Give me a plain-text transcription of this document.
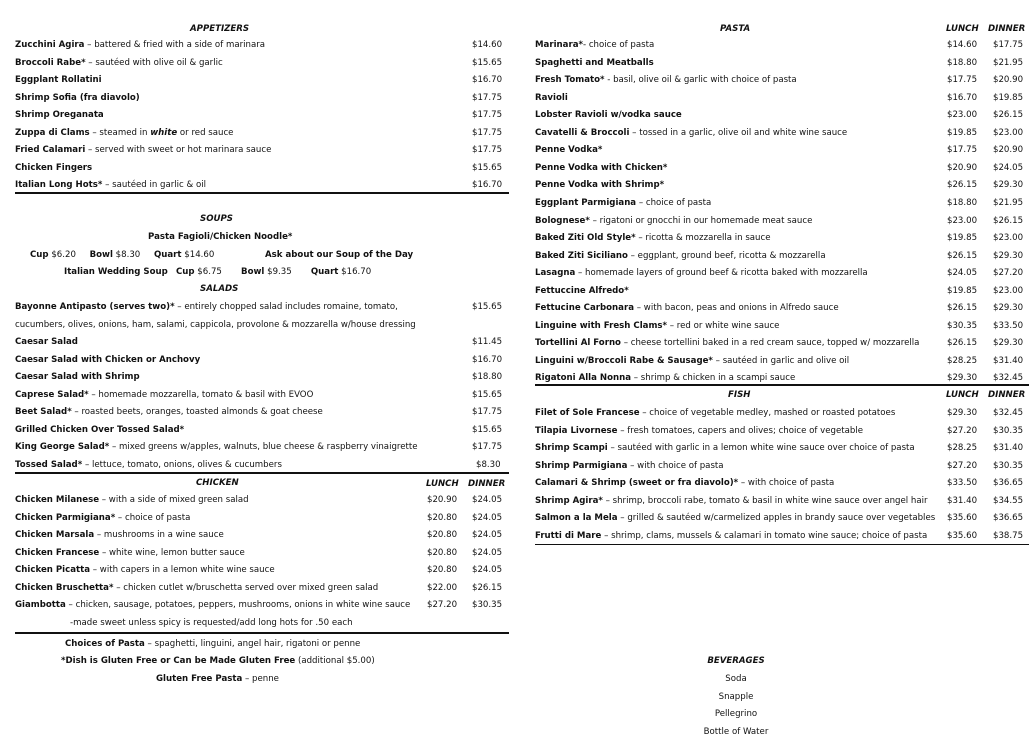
APPETIZERS
Zucchini Agira – battered & fried with a side of marinara	$14.60
Broccoli Rabe* – sautéed with olive oil & garlic	$15.65
Eggplant Rollatini	$16.70
Shrimp Sofia (fra diavolo)	$17.75
Shrimp Oreganata	$17.75
Zuppa di Clams – steamed in white or red sauce	$17.75
Fried Calamari – served with sweet or hot marinara sauce	$17.75
Chicken Fingers	$15.65
Italian Long Hots* – sautéed in garlic & oil	$16.70
SOUPS
Pasta Fagioli/Chicken Noodle*
Cup $6.20 Bowl $8.30 Quart $14.60	Ask about our Soup of the Day
Italian Wedding Soup Cup $6.75 Bowl $9.35 Quart $16.70
SALADS
Bayonne Antipasto (serves two)* – entirely chopped salad includes romaine, tomato,	$15.65
cucumbers, olives, onions, ham, salami, cappicola, provolone & mozzarella w/house dressing
Caesar Salad	$11.45
Caesar Salad with Chicken or Anchovy	$16.70
Caesar Salad with Shrimp	$18.80
Caprese Salad* – homemade mozzarella, tomato & basil with EVOO	$15.65
Beet Salad* – roasted beets, oranges, toasted almonds & goat cheese	$17.75
Grilled Chicken Over Tossed Salad*	$15.65
King George Salad* – mixed greens w/apples, walnuts, blue cheese & raspberry vinaigrette	$17.75
Tossed Salad* – lettuce, tomato, onions, olives & cucumbers	$8.30
CHICKEN	LUNCH DINNER
Chicken Milanese – with a side of mixed green salad	$20.90 $24.05
Chicken Parmigiana* – choice of pasta	$20.80 $24.05
Chicken Marsala – mushrooms in a wine sauce	$20.80 $24.05
Chicken Francese – white wine, lemon butter sauce	$20.80 $24.05
Chicken Picatta – with capers in a lemon white wine sauce	$20.80 $24.05
Chicken Bruschetta* – chicken cutlet w/bruschetta served over mixed green salad	$22.00 $26.15
Giambotta – chicken, sausage, potatoes, peppers, mushrooms, onions in white wine sauce $27.20 $30.35
-made sweet unless spicy is requested/add long hots for .50 each
Choices of Pasta – spaghetti, linguini, angel hair, rigatoni or penne
*Dish is Gluten Free or Can be Made Gluten Free (additional $5.00)
Gluten Free Pasta – penne
PASTA	LUNCH DINNER
Marinara*- choice of pasta	$14.60 $17.75
Spaghetti and Meatballs	$18.80 $21.95
Fresh Tomato* - basil, olive oil & garlic with choice of pasta	$17.75 $20.90
Ravioli	$16.70 $19.85
Lobster Ravioli w/vodka sauce	$23.00 $26.15
Cavatelli & Broccoli – tossed in a garlic, olive oil and white wine sauce	$19.85 $23.00
Penne Vodka*	$17.75 $20.90
Penne Vodka with Chicken*	$20.90 $24.05
Penne Vodka with Shrimp*	$26.15 $29.30
Eggplant Parmigiana – choice of pasta	$18.80 $21.95
Bolognese* – rigatoni or gnocchi in our homemade meat sauce	$23.00 $26.15
Baked Ziti Old Style* – ricotta & mozzarella in sauce	$19.85 $23.00
Baked Ziti Siciliano – eggplant, ground beef, ricotta & mozzarella	$26.15 $29.30
Lasagna – homemade layers of ground beef & ricotta baked with mozzarella	$24.05 $27.20
Fettuccine Alfredo*	$19.85 $23.00
Fettucine Carbonara – with bacon, peas and onions in Alfredo sauce	$26.15 $29.30
Linguine with Fresh Clams* – red or white wine sauce	$30.35 $33.50
Tortellini Al Forno – cheese tortellini baked in a red cream sauce, topped w/ mozzarella	$26.15 $29.30
Linguini w/Broccoli Rabe & Sausage* – sautéed in garlic and olive oil	$28.25 $31.40
Rigatoni Alla Nonna – shrimp & chicken in a scampi sauce	$29.30 $32.45
FISH	LUNCH DINNER
Filet of Sole Francese – choice of vegetable medley, mashed or roasted potatoes	$29.30 $32.45
Tilapia Livornese – fresh tomatoes, capers and olives; choice of vegetable	$27.20 $30.35
Shrimp Scampi – sautéed with garlic in a lemon white wine sauce over choice of pasta	$28.25 $31.40
Shrimp Parmigiana – with choice of pasta	$27.20 $30.35
Calamari & Shrimp (sweet or fra diavolo)* – with choice of pasta	$33.50 $36.65
Shrimp Agira* – shrimp, broccoli rabe, tomato & basil in white wine sauce over angel hair $31.40 $34.55
Salmon a la Mela – grilled & sautéed w/carmelized apples in brandy sauce over vegetables $35.60 $36.65
Frutti di Mare – shrimp, clams, mussels & calamari in tomato wine sauce; choice of pasta $35.60 $38.75
BEVERAGES
Soda
Snapple
Pellegrino
Bottle of Water
